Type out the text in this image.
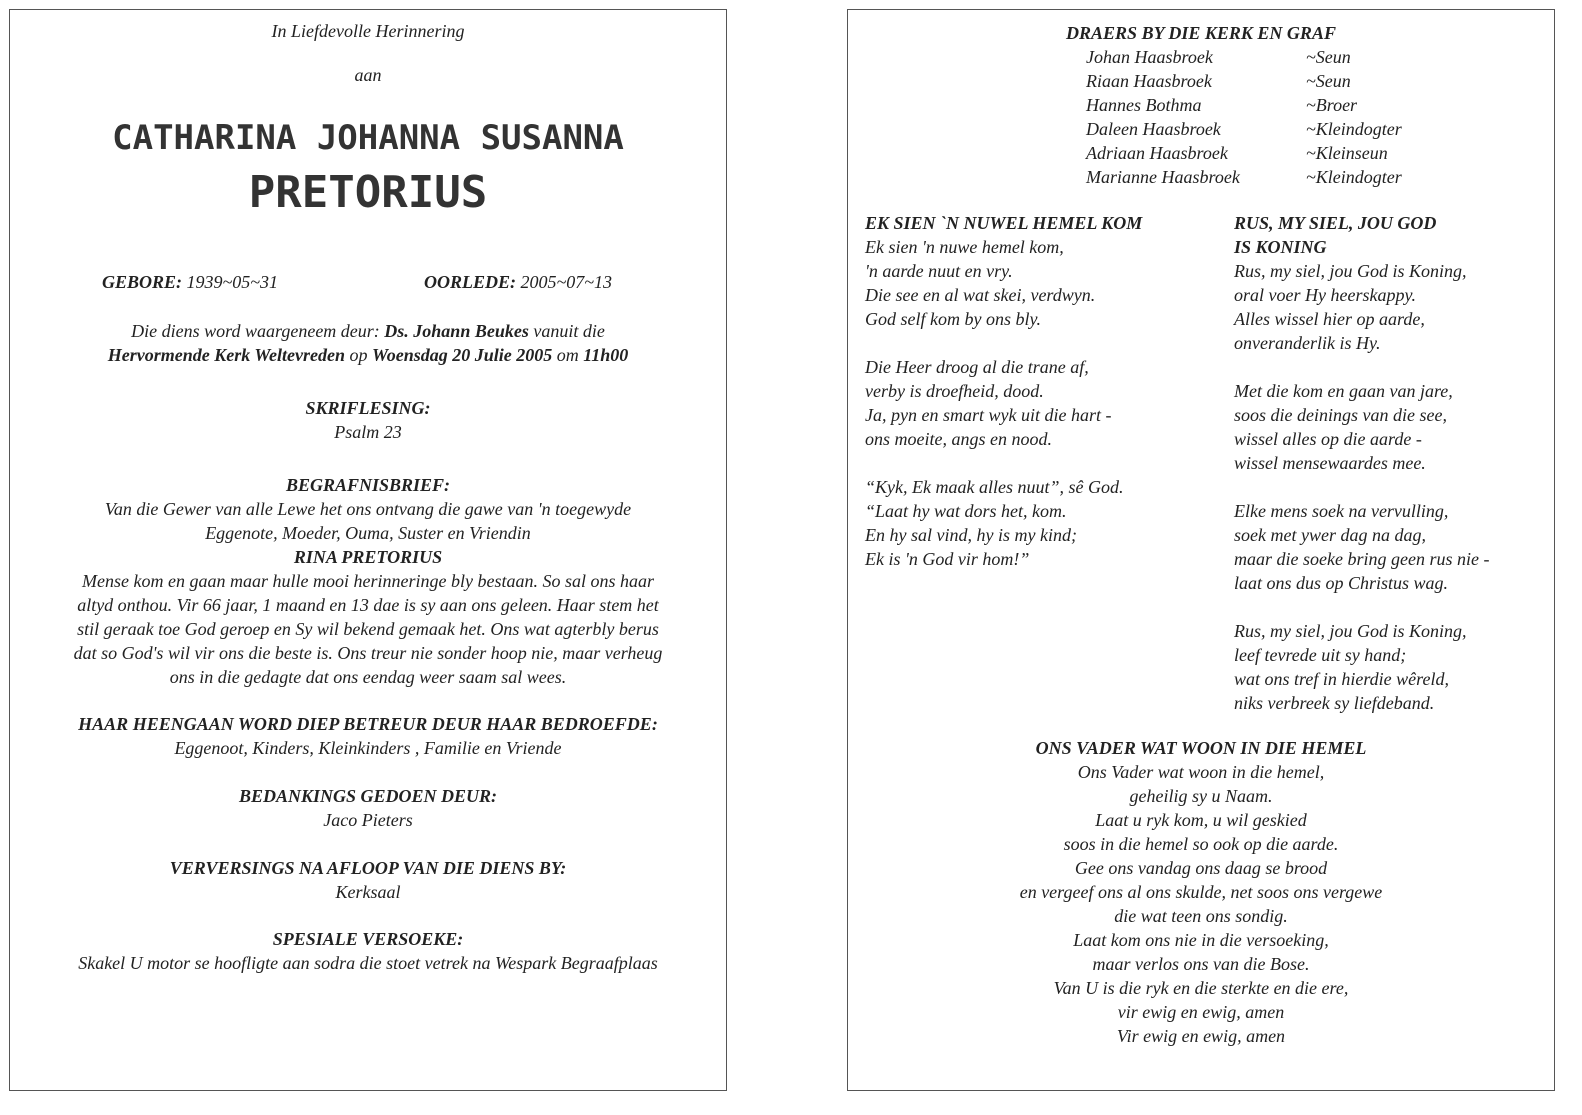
In Liefdevolle Herinnering
aan
CATHARINA JOHANNA SUSANNA
PRETORIUS
GEBORE: 1939~05~31	OORLEDE: 2005~07~13
Die diens word waargeneem deur: Ds. Johann Beukes vanuit die
Hervormende Kerk Weltevreden op Woensdag 20 Julie 2005 om 11h00
SKRIFLESING:
Psalm 23
BEGRAFNISBRIEF:
Van die Gewer van alle Lewe het ons ontvang die gawe van 'n toegewyde
Eggenote, Moeder, Ouma, Suster en Vriendin
RINA PRETORIUS
Mense kom en gaan maar hulle mooi herinneringe bly bestaan. So sal ons haar
altyd onthou. Vir 66 jaar, 1 maand en 13 dae is sy aan ons geleen. Haar stem het
stil geraak toe God geroep en Sy wil bekend gemaak het. Ons wat agterbly berus
dat so God's wil vir ons die beste is. Ons treur nie sonder hoop nie, maar verheug
ons in die gedagte dat ons eendag weer saam sal wees.
HAAR HEENGAAN WORD DIEP BETREUR DEUR HAAR BEDROEFDE:
Eggenoot, Kinders, Kleinkinders , Familie en Vriende
BEDANKINGS GEDOEN DEUR:
Jaco Pieters
VERVERSINGS NA AFLOOP VAN DIE DIENS BY:
Kerksaal
SPESIALE VERSOEKE:
Skakel U motor se hoofligte aan sodra die stoet vetrek na Wespark Begraafplaas
DRAERS BY DIE KERK EN GRAF
Johan Haasbroek	~Seun
Riaan Haasbroek	~Seun
Hannes Bothma	~Broer
Daleen Haasbroek	~Kleindogter
Adriaan Haasbroek	~Kleinseun
Marianne Haasbroek	~Kleindogter
EK SIEN `N NUWEL HEMEL KOM
Ek sien 'n nuwe hemel kom,
'n aarde nuut en vry.
Die see en al wat skei, verdwyn.
God self kom by ons bly.
Die Heer droog al die trane af,
verby is droefheid, dood.
Ja, pyn en smart wyk uit die hart -
ons moeite, angs en nood.
“Kyk, Ek maak alles nuut”, sê God.
“Laat hy wat dors het, kom.
En hy sal vind, hy is my kind;
Ek is 'n God vir hom!”
RUS, MY SIEL, JOU GOD
IS KONING
Rus, my siel, jou God is Koning,
oral voer Hy heerskappy.
Alles wissel hier op aarde,
onveranderlik is Hy.
Met die kom en gaan van jare,
soos die deinings van die see,
wissel alles op die aarde -
wissel mensewaardes mee.
Elke mens soek na vervulling,
soek met ywer dag na dag,
maar die soeke bring geen rus nie -
laat ons dus op Christus wag.
Rus, my siel, jou God is Koning,
leef tevrede uit sy hand;
wat ons tref in hierdie wêreld,
niks verbreek sy liefdeband.
ONS VADER WAT WOON IN DIE HEMEL
Ons Vader wat woon in die hemel,
geheilig sy u Naam.
Laat u ryk kom, u wil geskied
soos in die hemel so ook op die aarde.
Gee ons vandag ons daag se brood
en vergeef ons al ons skulde, net soos ons vergewe
die wat teen ons sondig.
Laat kom ons nie in die versoeking,
maar verlos ons van die Bose.
Van U is die ryk en die sterkte en die ere,
vir ewig en ewig, amen
Vir ewig en ewig, amen
